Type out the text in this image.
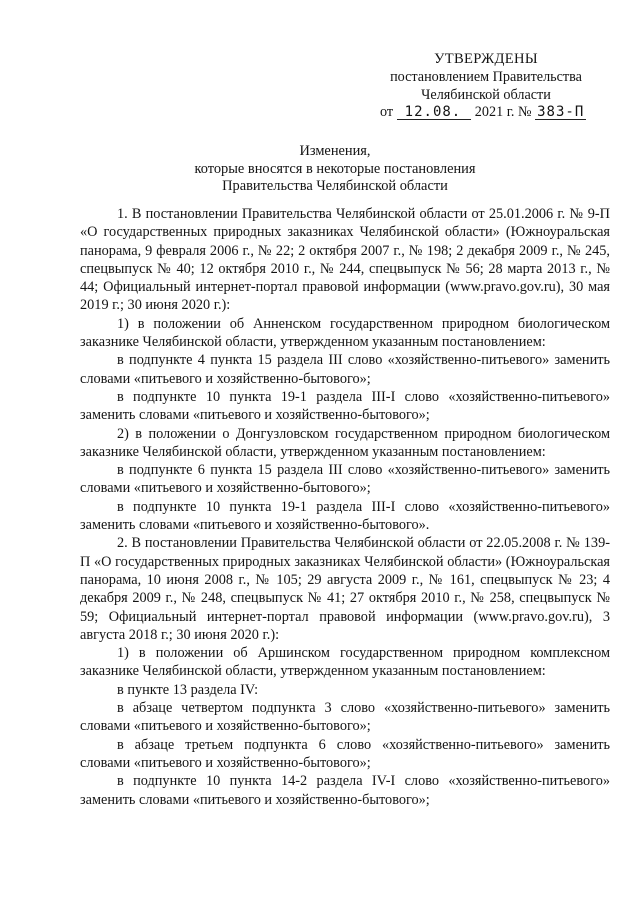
УТВЕРЖДЕНЫ
постановлением Правительства
Челябинской области
от 12.08. 2021 г. № 383-П
Изменения,
которые вносятся в некоторые постановления
Правительства Челябинской области

1. В постановлении Правительства Челябинской области от 25.01.2006 г. № 9-П «О государственных природных заказниках Челябинской области» (Южноуральская панорама, 9 февраля 2006 г., № 22; 2 октября 2007 г., № 198; 2 декабря 2009 г., № 245, спецвыпуск № 40; 12 октября 2010 г., № 244, спецвыпуск № 56; 28 марта 2013 г., № 44; Официальный интернет-портал правовой информации (www.pravo.gov.ru), 30 мая 2019 г.; 30 июня 2020 г.):

1) в положении об Анненском государственном природном биологическом заказнике Челябинской области, утвержденном указанным постановлением:

в подпункте 4 пункта 15 раздела III слово «хозяйственно-питьевого» заменить словами «питьевого и хозяйственно-бытового»;

в подпункте 10 пункта 19-1 раздела III-I слово «хозяйственно-питьевого» заменить словами «питьевого и хозяйственно-бытового»;

2) в положении о Донгузловском государственном природном биологическом заказнике Челябинской области, утвержденном указанным постановлением:

в подпункте 6 пункта 15 раздела III слово «хозяйственно-питьевого» заменить словами «питьевого и хозяйственно-бытового»;

в подпункте 10 пункта 19-1 раздела III-I слово «хозяйственно-питьевого» заменить словами «питьевого и хозяйственно-бытового».

2. В постановлении Правительства Челябинской области от 22.05.2008 г. № 139-П «О государственных природных заказниках Челябинской области» (Южноуральская панорама, 10 июня 2008 г., № 105; 29 августа 2009 г., № 161, спецвыпуск № 23; 4 декабря 2009 г., № 248, спецвыпуск № 41; 27 октября 2010 г., № 258, спецвыпуск № 59; Официальный интернет-портал правовой информации (www.pravo.gov.ru), 3 августа 2018 г.; 30 июня 2020 г.):

1) в положении об Аршинском государственном природном комплексном заказнике Челябинской области, утвержденном указанным постановлением:

в пункте 13 раздела IV:

в абзаце четвертом подпункта 3 слово «хозяйственно-питьевого» заменить словами «питьевого и хозяйственно-бытового»;

в абзаце третьем подпункта 6 слово «хозяйственно-питьевого» заменить словами «питьевого и хозяйственно-бытового»;

в подпункте 10 пункта 14-2 раздела IV-I слово «хозяйственно-питьевого» заменить словами «питьевого и хозяйственно-бытового»;
